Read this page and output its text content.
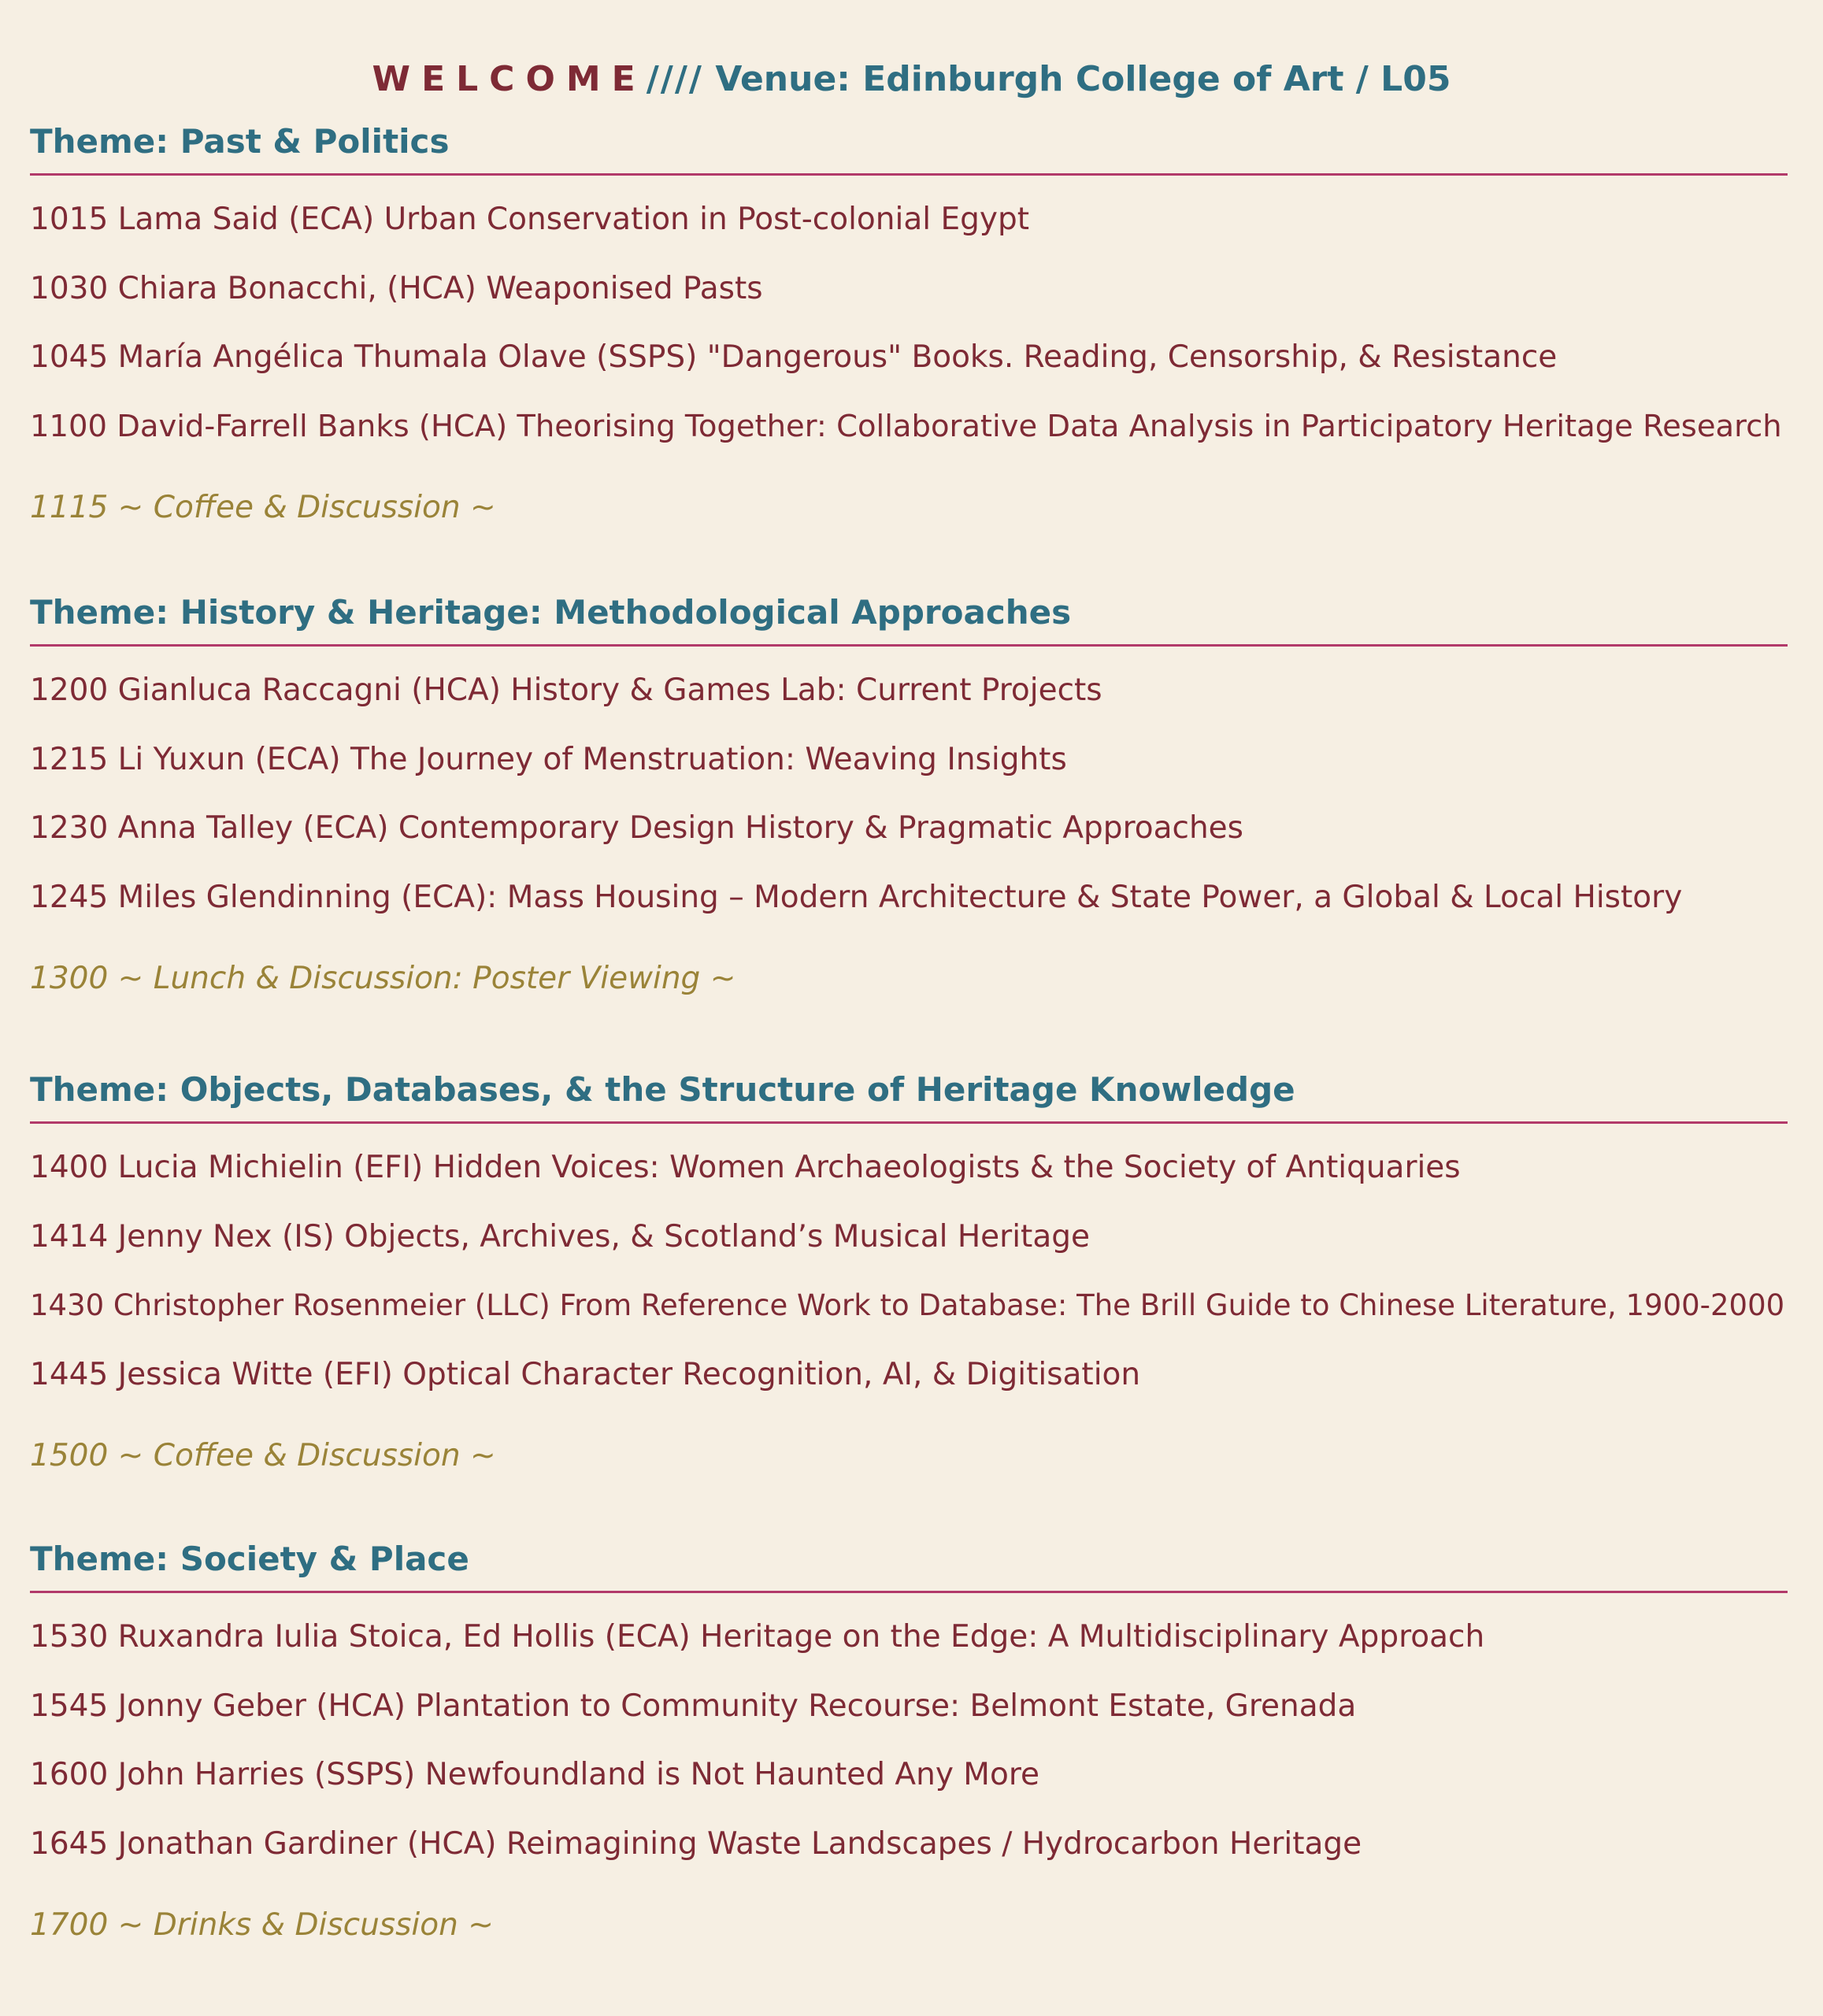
WELCOME//// Venue: Edinburgh College of Art / L05
Theme: Past & Politics
1015 Lama Said (ECA) Urban Conservation in Post-colonial Egypt
1030 Chiara Bonacchi, (HCA) Weaponised Pasts
1045 María Angélica Thumala Olave (SSPS) "Dangerous" Books. Reading, Censorship, & Resistance
1100 David-Farrell Banks (HCA) Theorising Together: Collaborative Data Analysis in Participatory Heritage Research
1115 ~ Coffee & Discussion ~
Theme: History & Heritage: Methodological Approaches
1200 Gianluca Raccagni (HCA) History & Games Lab: Current Projects
1215 Li Yuxun (ECA) The Journey of Menstruation: Weaving Insights
1230 Anna Talley (ECA) Contemporary Design History & Pragmatic Approaches
1245 Miles Glendinning (ECA): Mass Housing – Modern Architecture & State Power, a Global & Local History
1300 ~ Lunch & Discussion: Poster Viewing ~
Theme: Objects, Databases, & the Structure of Heritage Knowledge
1400 Lucia Michielin (EFI) Hidden Voices: Women Archaeologists & the Society of Antiquaries
1414 Jenny Nex (IS) Objects, Archives, & Scotland’s Musical Heritage
1430 Christopher Rosenmeier (LLC) From Reference Work to Database: The Brill Guide to Chinese Literature, 1900-2000
1445 Jessica Witte (EFI) Optical Character Recognition, AI, & Digitisation
1500 ~ Coffee & Discussion ~
Theme: Society & Place
1530 Ruxandra Iulia Stoica, Ed Hollis (ECA) Heritage on the Edge: A Multidisciplinary Approach
1545 Jonny Geber (HCA) Plantation to Community Recourse: Belmont Estate, Grenada
1600 John Harries (SSPS) Newfoundland is Not Haunted Any More
1645 Jonathan Gardiner (HCA) Reimagining Waste Landscapes / Hydrocarbon Heritage
1700 ~ Drinks & Discussion ~
